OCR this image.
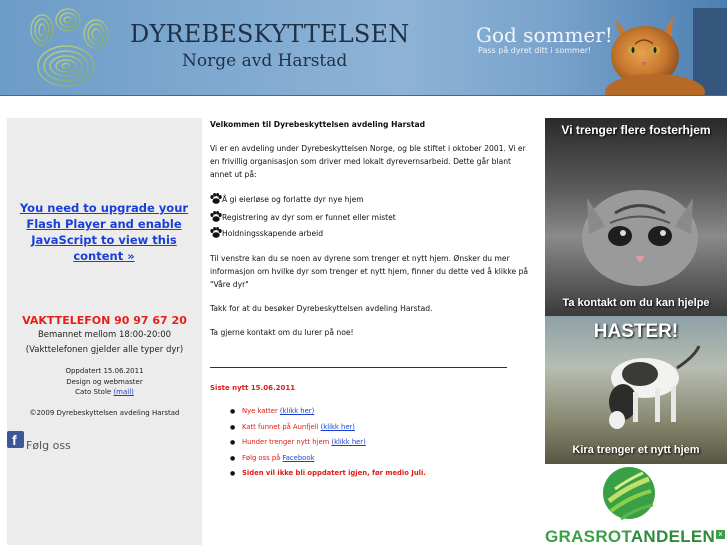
DYREBESKYTTELSEN
Norge avd Harstad
God sommer!
Pass på dyret ditt i sommer!
You need to upgrade your Flash Player and enable JavaScript to view this content »
VAKTTELEFON 90 97 67 20
Bemannet mellom 18:00-20:00
(Vakttelefonen gjelder alle typer dyr)
Oppdatert 15.06.2011
Design og webmaster
Cato Stole (mail)
©2009 Dyrebeskyttelsen avdeling Harstad
f Følg oss
Velkommen til Dyrebeskyttelsen avdeling Harstad
Vi er en avdeling under Dyrebeskyttelsen Norge, og ble stiftet i oktober 2001. Vi er en frivillig organisasjon som driver med lokalt dyrevernsarbeid. Dette går blant annet ut på:
Å gi eierløse og forlatte dyr nye hjem
Registrering av dyr som er funnet eller mistet
Holdningsskapende arbeid
Til venstre kan du se noen av dyrene som trenger et nytt hjem. Ønsker du mer informasjon om hvilke dyr som trenger et nytt hjem, finner du dette ved å klikke på "Våre dyr"
Takk for at du besøker Dyrebeskyttelsen avdeling Harstad.
Ta gjerne kontakt om du lurer på noe!
Siste nytt 15.06.2011
● Nye katter (klikk her)
● Katt funnet på Aunfjell (klikk her)
● Hunder trenger nytt hjem (klikk her)
● Følg oss på Facebook
● Siden vil ikke bli oppdatert igjen, før medio Juli.
Vi trenger flere fosterhjem
Ta kontakt om du kan hjelpe
HASTER!
Kira trenger et nytt hjem
GRASROTANDELEN x
